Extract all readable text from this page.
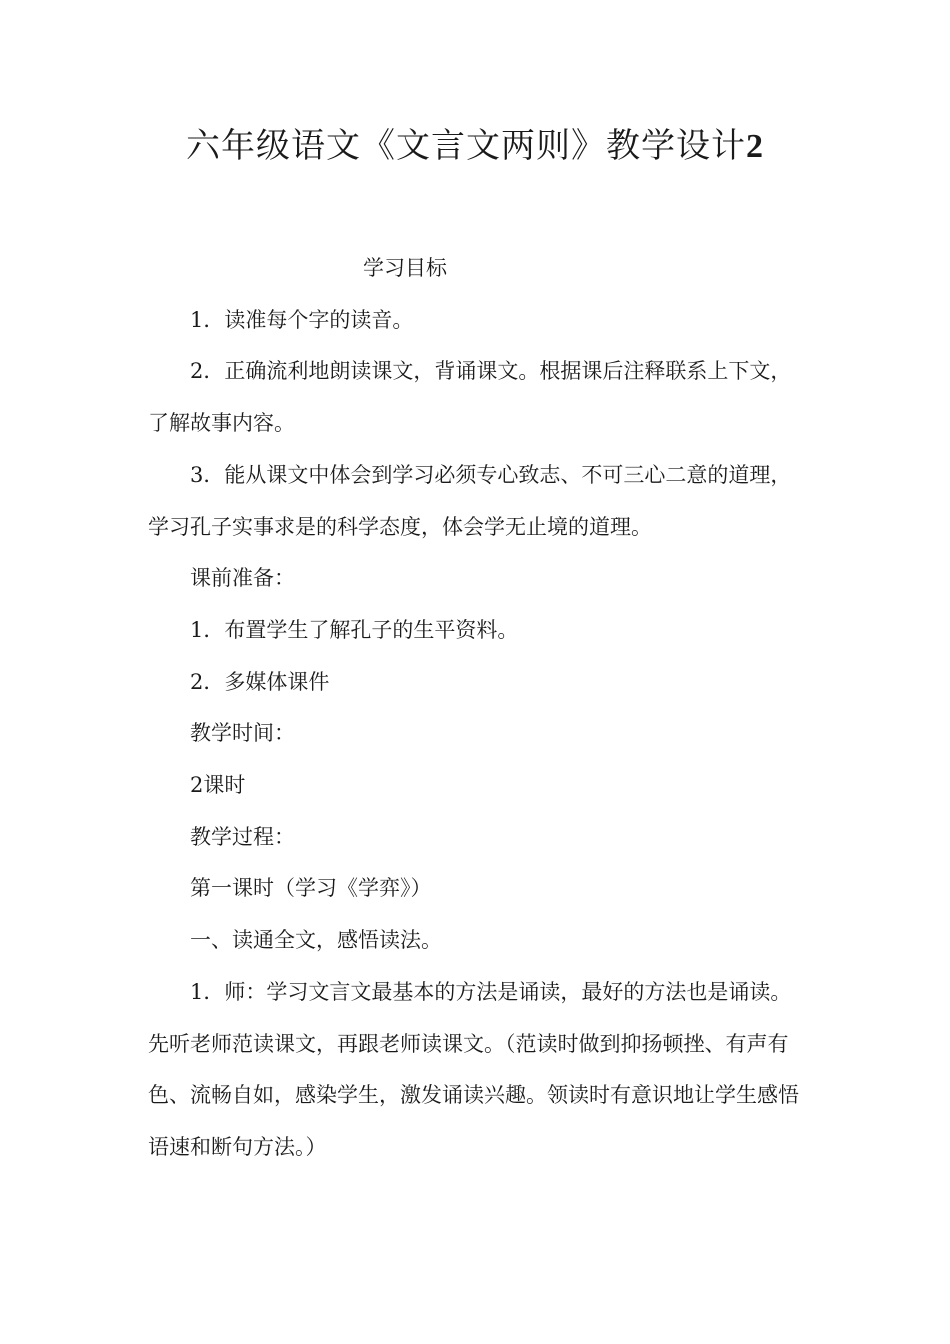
六年级语文《文言文两则》教学设计2

学习目标

1．读准每个字的读音。

2．正确流利地朗读课文，背诵课文。根据课后注释联系上下文，了解故事内容。

3．能从课文中体会到学习必须专心致志、不可三心二意的道理，学习孔子实事求是的科学态度，体会学无止境的道理。

课前准备：

1．布置学生了解孔子的生平资料。

2．多媒体课件

教学时间：

2课时

教学过程：

第一课时（学习《学弈》）

一、读通全文，感悟读法。

1．师：学习文言文最基本的方法是诵读，最好的方法也是诵读。先听老师范读课文，再跟老师读课文。（范读时做到抑扬顿挫、有声有色、流畅自如，感染学生，激发诵读兴趣。领读时有意识地让学生感悟语速和断句方法。）
